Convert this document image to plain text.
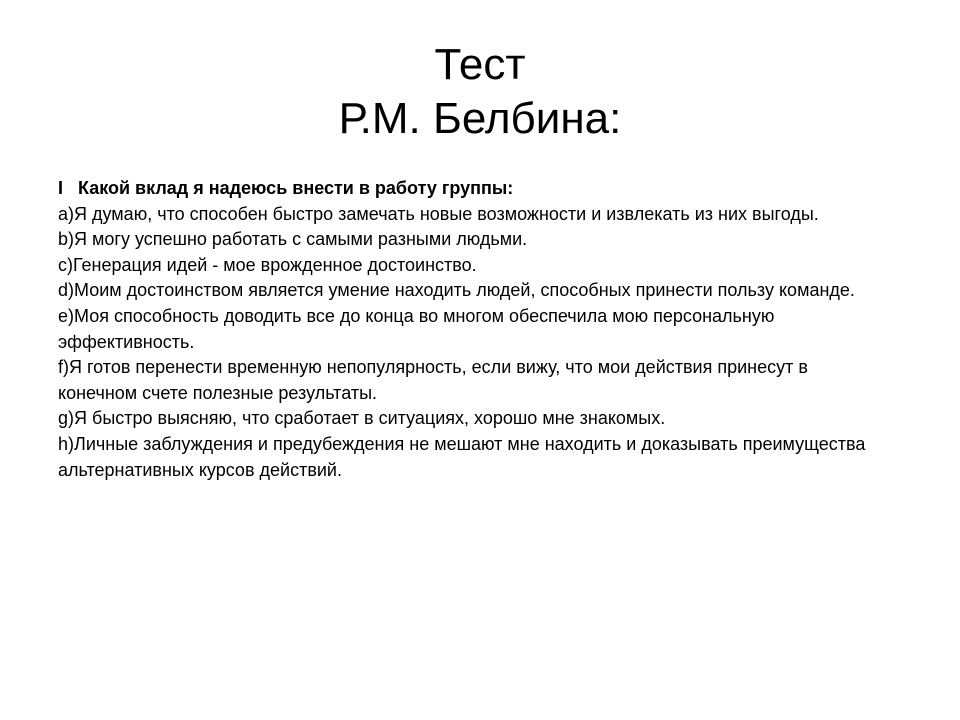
Тест
Р.М. Белбина:
I   Какой вклад я надеюсь внести в работу группы:
a)Я думаю, что способен быстро замечать новые возможности и извлекать из них выгоды.
b)Я могу успешно работать с самыми разными людьми.
c)Генерация идей - мое врожденное достоинство.
d)Моим достоинством является умение находить людей, способных принести пользу команде.
e)Моя способность доводить все до конца во многом обеспечила мою персональную эффективность.
f)Я готов перенести временную непопулярность, если вижу, что мои действия принесут в конечном счете полезные результаты.
g)Я быстро выясняю, что сработает в ситуациях, хорошо мне знакомых.
h)Личные заблуждения и предубеждения не мешают мне находить и доказывать преимущества альтернативных курсов действий.
